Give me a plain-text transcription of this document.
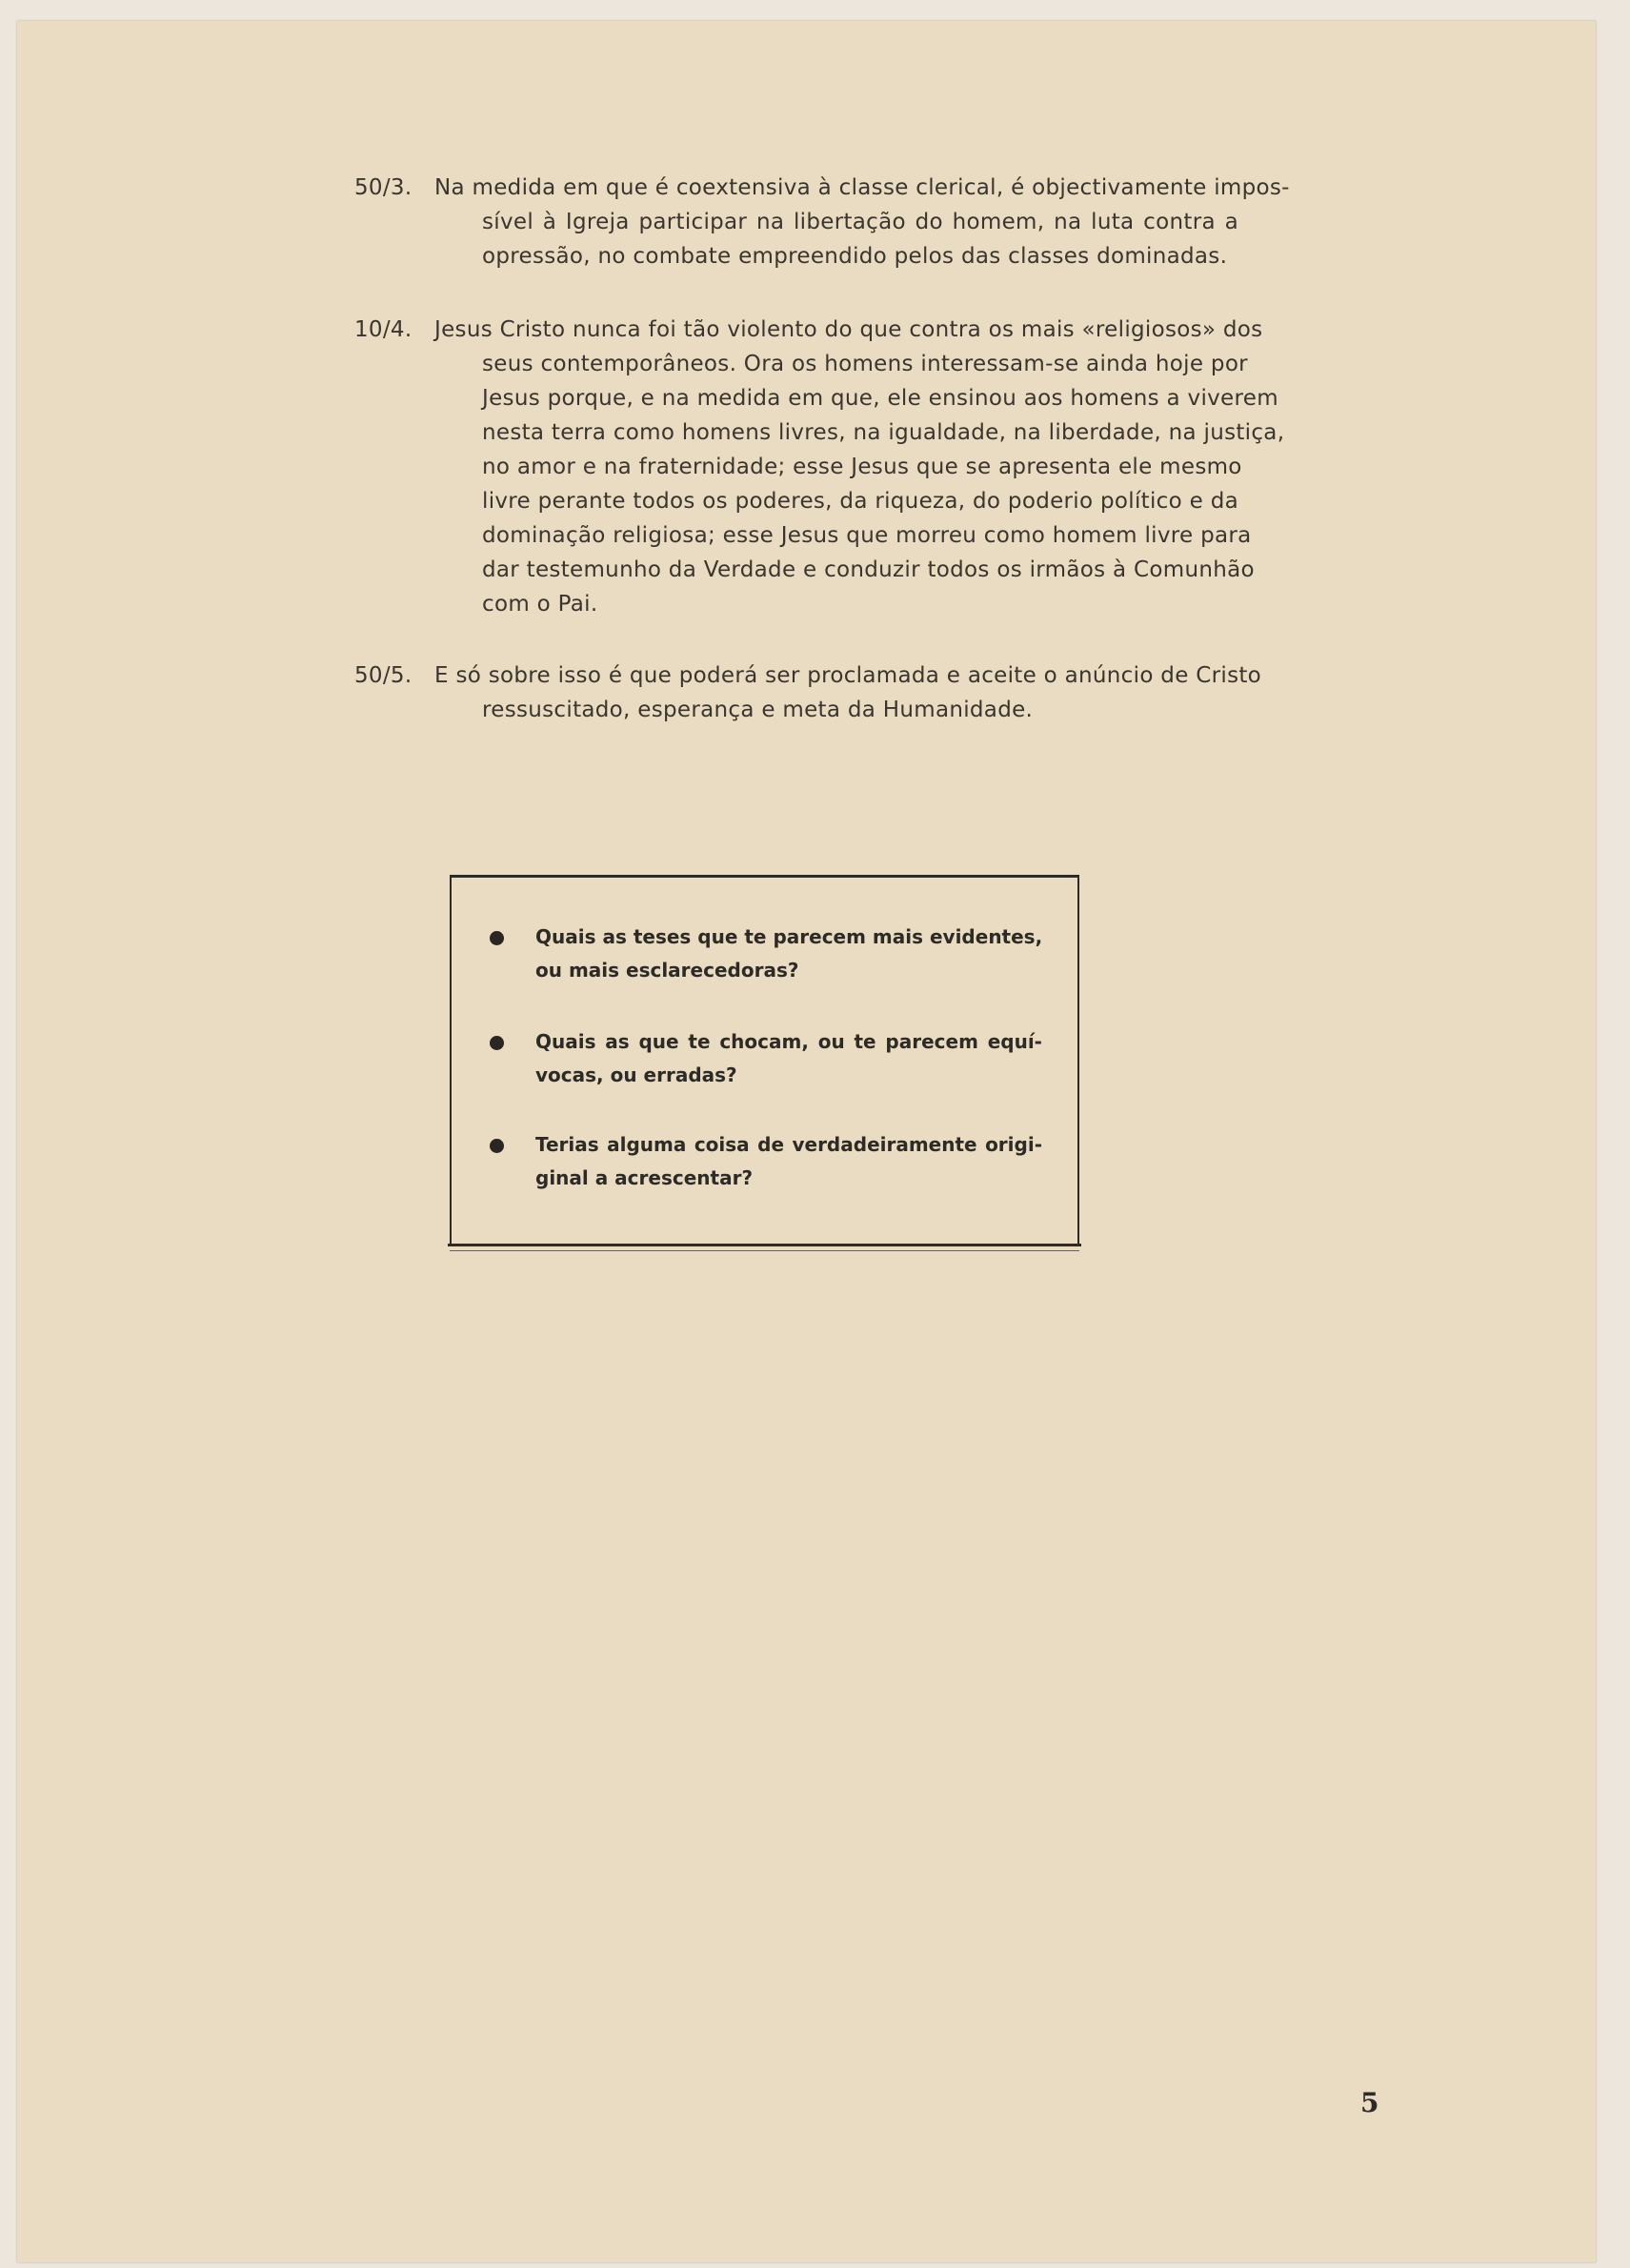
50/3. Na medida em que é coextensiva à classe clerical, é objectivamente impos-
sível à Igreja participar na libertação do homem, na luta contra a
opressão, no combate empreendido pelos das classes dominadas.
10/4. Jesus Cristo nunca foi tão violento do que contra os mais «religiosos» dos
seus contemporâneos. Ora os homens interessam-se ainda hoje por
Jesus porque, e na medida em que, ele ensinou aos homens a viverem
nesta terra como homens livres, na igualdade, na liberdade, na justiça,
no amor e na fraternidade; esse Jesus que se apresenta ele mesmo
livre perante todos os poderes, da riqueza, do poderio político e da
dominação religiosa; esse Jesus que morreu como homem livre para
dar testemunho da Verdade e conduzir todos os irmãos à Comunhão
com o Pai.
50/5. E só sobre isso é que poderá ser proclamada e aceite o anúncio de Cristo
ressuscitado, esperança e meta da Humanidade.
Quais as teses que te parecem mais evidentes,
ou mais esclarecedoras?
Quais as que te chocam, ou te parecem equí-
vocas, ou erradas?
Terias alguma coisa de verdadeiramente origi-
ginal a acrescentar?
5
